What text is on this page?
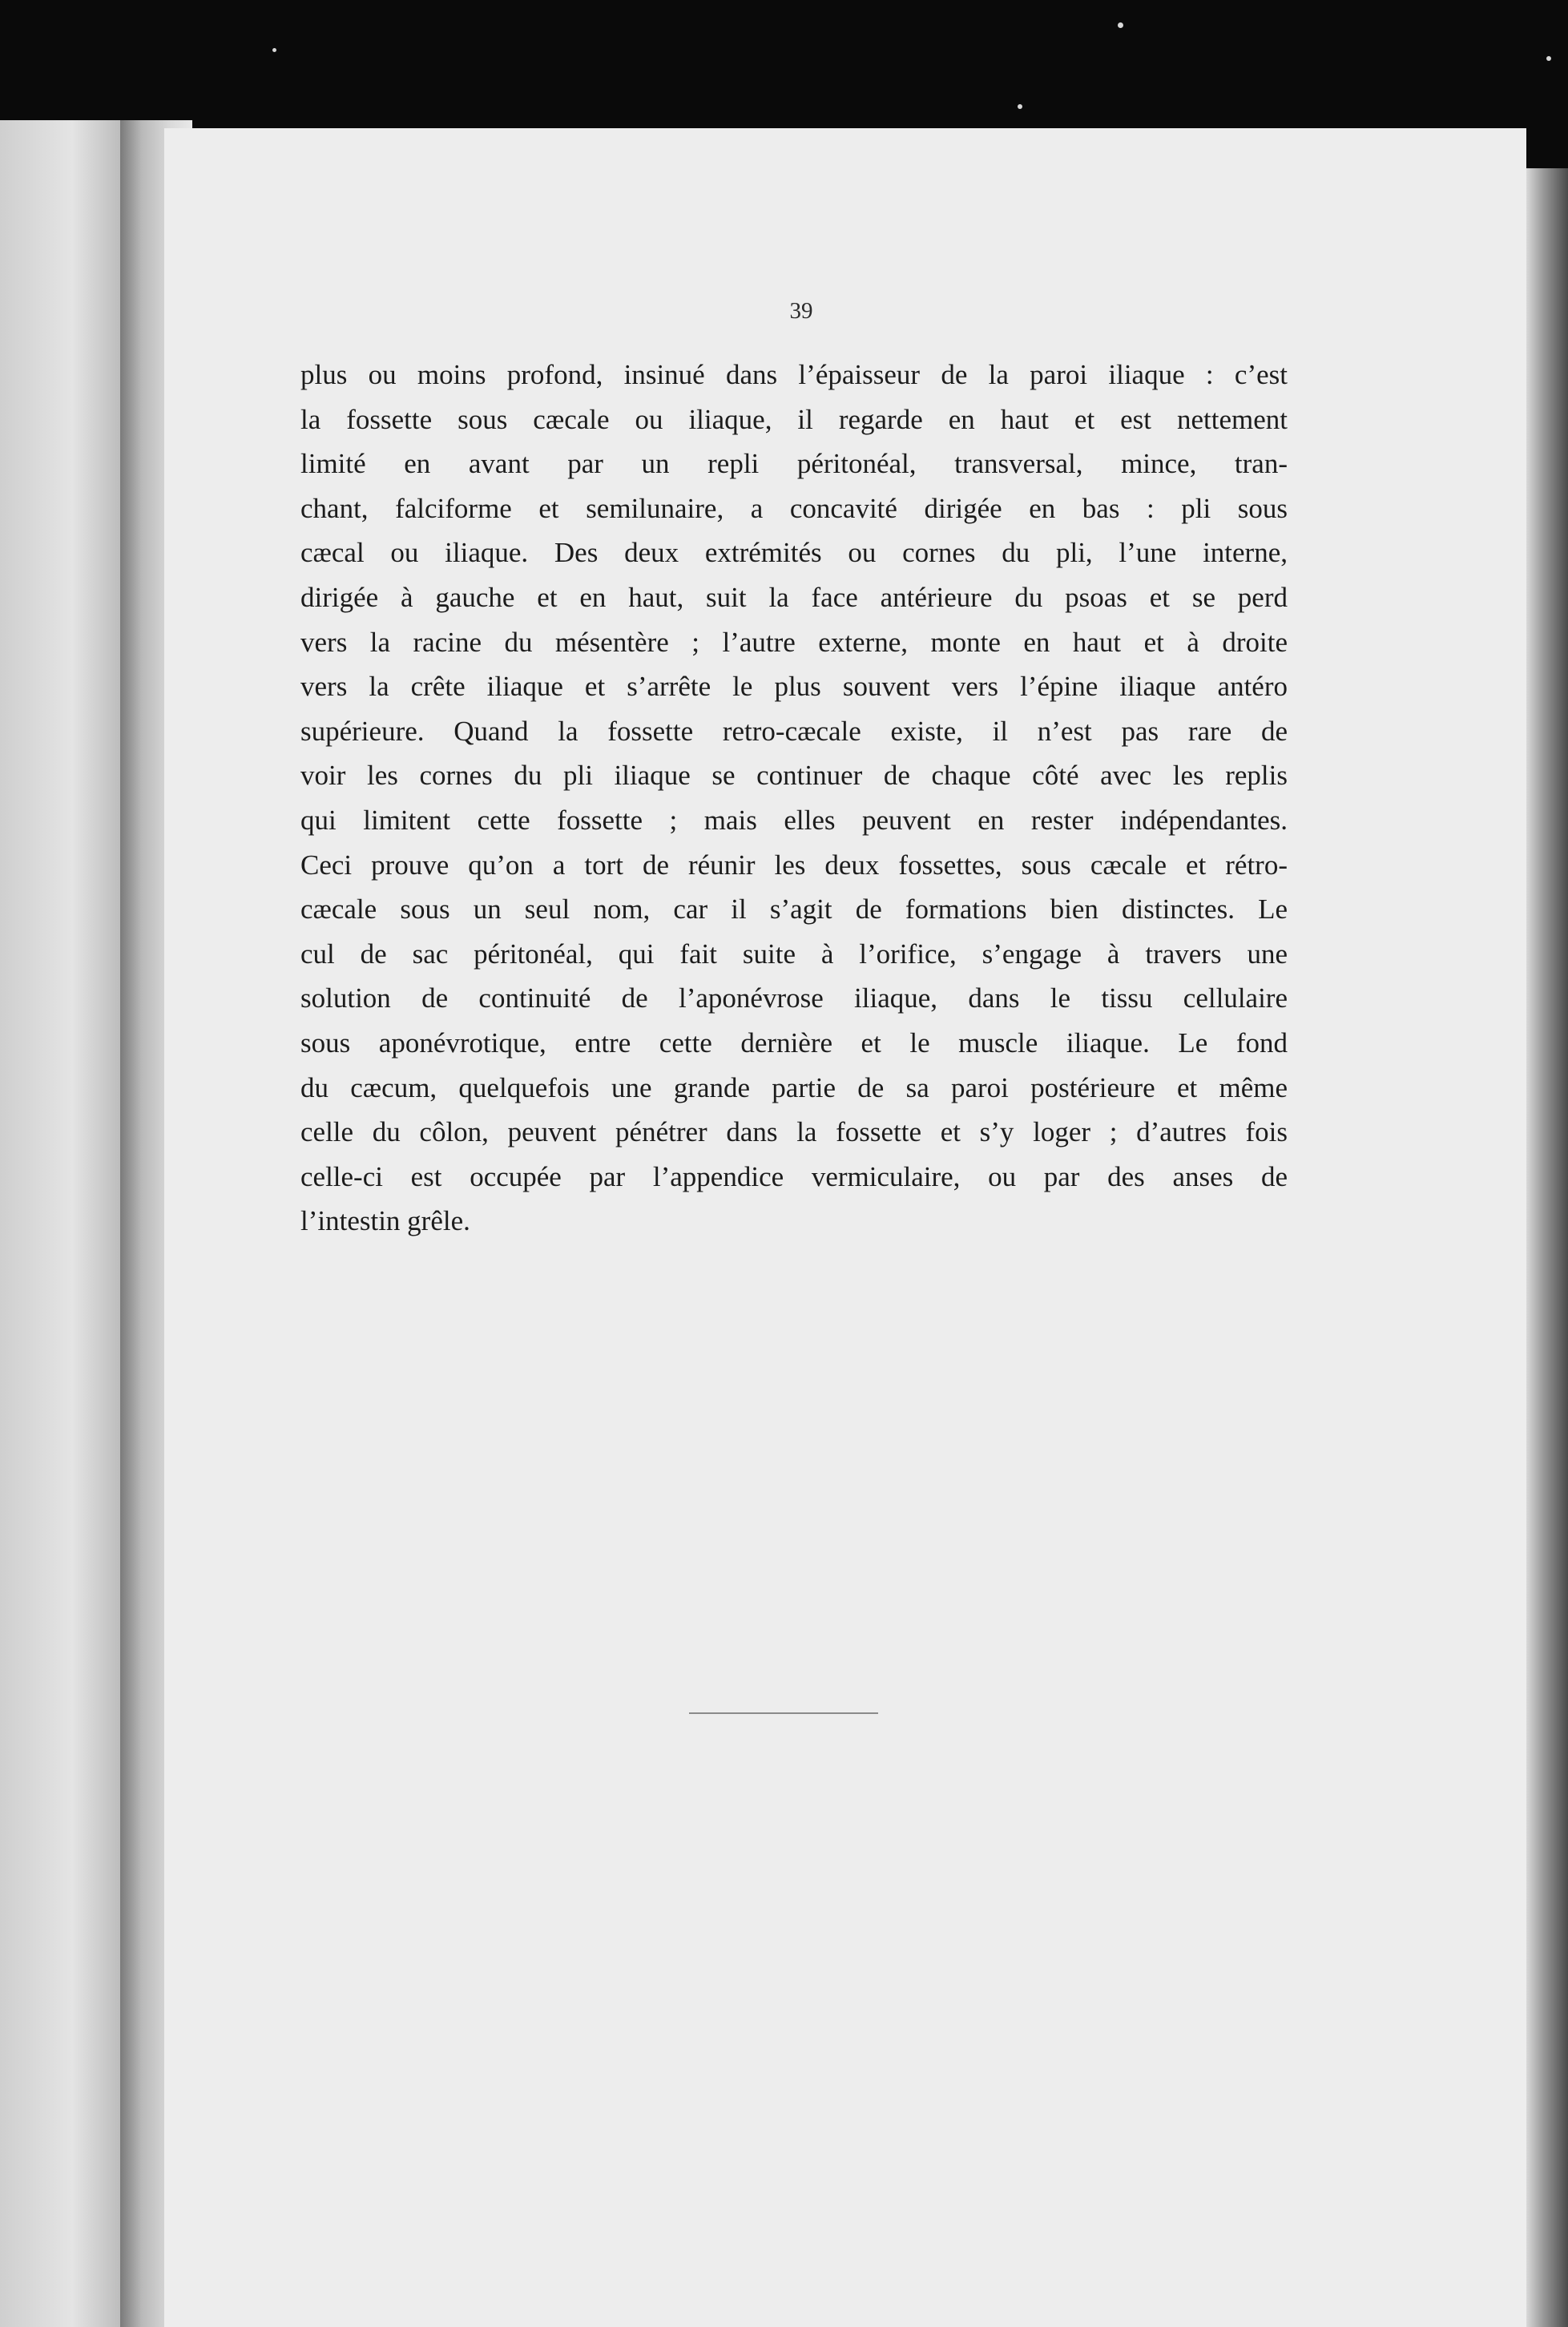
39
plus ou moins profond, insinué dans l’épaisseur de la paroi iliaque : c’est
la fossette sous cæcale ou iliaque, il regarde en haut et est nettement
limité en avant par un repli péritonéal, transversal, mince, tran-
chant, falciforme et semilunaire, a concavité dirigée en bas : pli sous
cæcal ou iliaque. Des deux extrémités ou cornes du pli, l’une interne,
dirigée à gauche et en haut, suit la face antérieure du psoas et se perd
vers la racine du mésentère ; l’autre externe, monte en haut et à droite
vers la crête iliaque et s’arrête le plus souvent vers l’épine iliaque antéro
supérieure. Quand la fossette retro-cæcale existe, il n’est pas rare de
voir les cornes du pli iliaque se continuer de chaque côté avec les replis
qui limitent cette fossette ; mais elles peuvent en rester indépendantes.
Ceci prouve qu’on a tort de réunir les deux fossettes, sous cæcale et rétro-
cæcale sous un seul nom, car il s’agit de formations bien distinctes. Le
cul de sac péritonéal, qui fait suite à l’orifice, s’engage à travers une
solution de continuité de l’aponévrose iliaque, dans le tissu cellulaire
sous aponévrotique, entre cette dernière et le muscle iliaque. Le fond
du cæcum, quelquefois une grande partie de sa paroi postérieure et même
celle du côlon, peuvent pénétrer dans la fossette et s’y loger ; d’autres fois
celle-ci est occupée par l’appendice vermiculaire, ou par des anses de
l’intestin grêle.
